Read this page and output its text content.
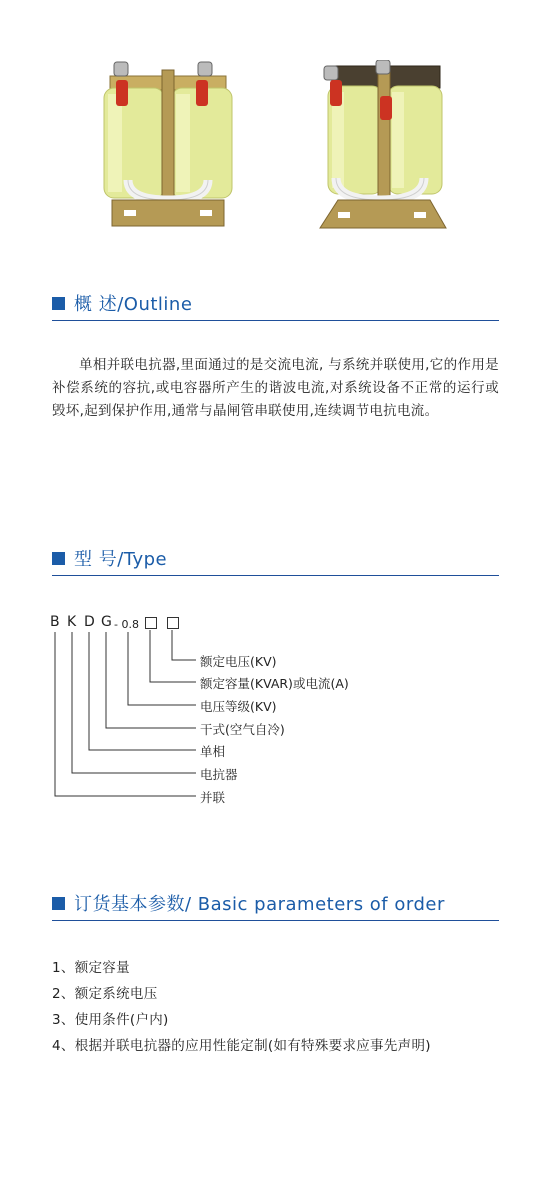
概 述/Outline

单相并联电抗器,里面通过的是交流电流, 与系统并联使用,它的作用是补偿系统的容抗,或电容器所产生的谐波电流,对系统设备不正常的运行或毁坏,起到保护作用,通常与晶闸管串联使用,连续调节电抗电流。

型 号/Type
B K D G - 0.8
额定电压(KV)
额定容量(KVAR)或电流(A)
电压等级(KV)
干式(空气自冷)
单相
电抗器
并联
订货基本参数/ Basic parameters of order
1、额定容量
2、额定系统电压
3、使用条件(户内)
4、根据并联电抗器的应用性能定制(如有特殊要求应事先声明)
